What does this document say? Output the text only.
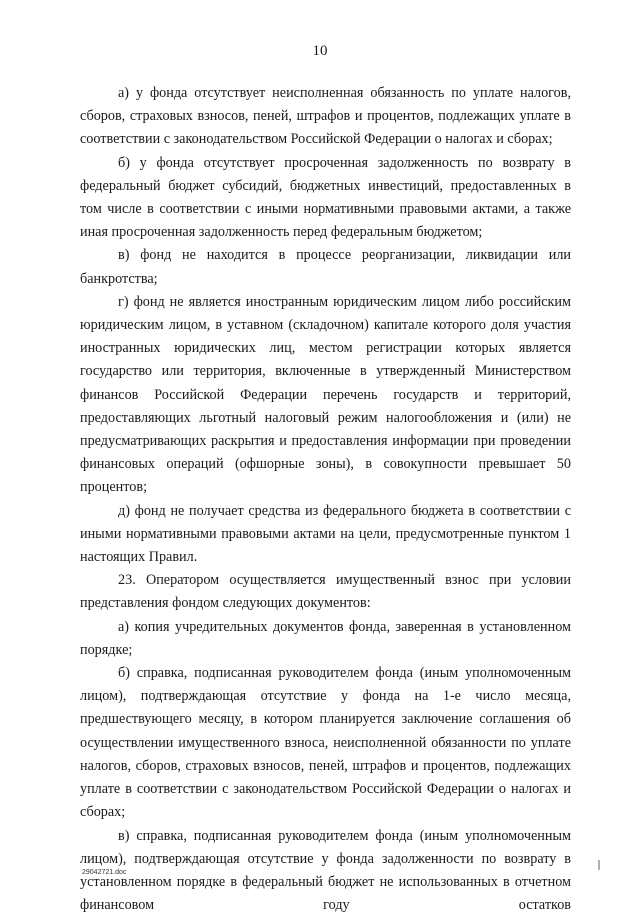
10

а) у фонда отсутствует неисполненная обязанность по уплате налогов, сборов, страховых взносов, пеней, штрафов и процентов, подлежащих уплате в соответствии с законодательством Российской Федерации о налогах и сборах;

б) у фонда отсутствует просроченная задолженность по возврату в федеральный бюджет субсидий, бюджетных инвестиций, предоставленных в том числе в соответствии с иными нормативными правовыми актами, а также иная просроченная задолженность перед федеральным бюджетом;

в) фонд не находится в процессе реорганизации, ликвидации или банкротства;

г) фонд не является иностранным юридическим лицом либо российским юридическим лицом, в уставном (складочном) капитале которого доля участия иностранных юридических лиц, местом регистрации которых является государство или территория, включенные в утвержденный Министерством финансов Российской Федерации перечень государств и территорий, предоставляющих льготный налоговый режим налогообложения и (или) не предусматривающих раскрытия и предоставления информации при проведении финансовых операций (офшорные зоны), в совокупности превышает 50 процентов;

д) фонд не получает средства из федерального бюджета в соответствии с иными нормативными правовыми актами на цели, предусмотренные пунктом 1 настоящих Правил.

23. Оператором осуществляется имущественный взнос при условии представления фондом следующих документов:

а) копия учредительных документов фонда, заверенная в установленном порядке;

б) справка, подписанная руководителем фонда (иным уполномоченным лицом), подтверждающая отсутствие у фонда на 1-е число месяца, предшествующего месяцу, в котором планируется заключение соглашения об осуществлении имущественного взноса, неисполненной обязанности по уплате налогов, сборов, страховых взносов, пеней, штрафов и процентов, подлежащих уплате в соответствии с законодательством Российской Федерации о налогах и сборах;

в) справка, подписанная руководителем фонда (иным уполномоченным лицом), подтверждающая отсутствие у фонда задолженности по возврату в установленном порядке в федеральный бюджет не использованных в отчетном финансовом году остатков

29042721.doc
